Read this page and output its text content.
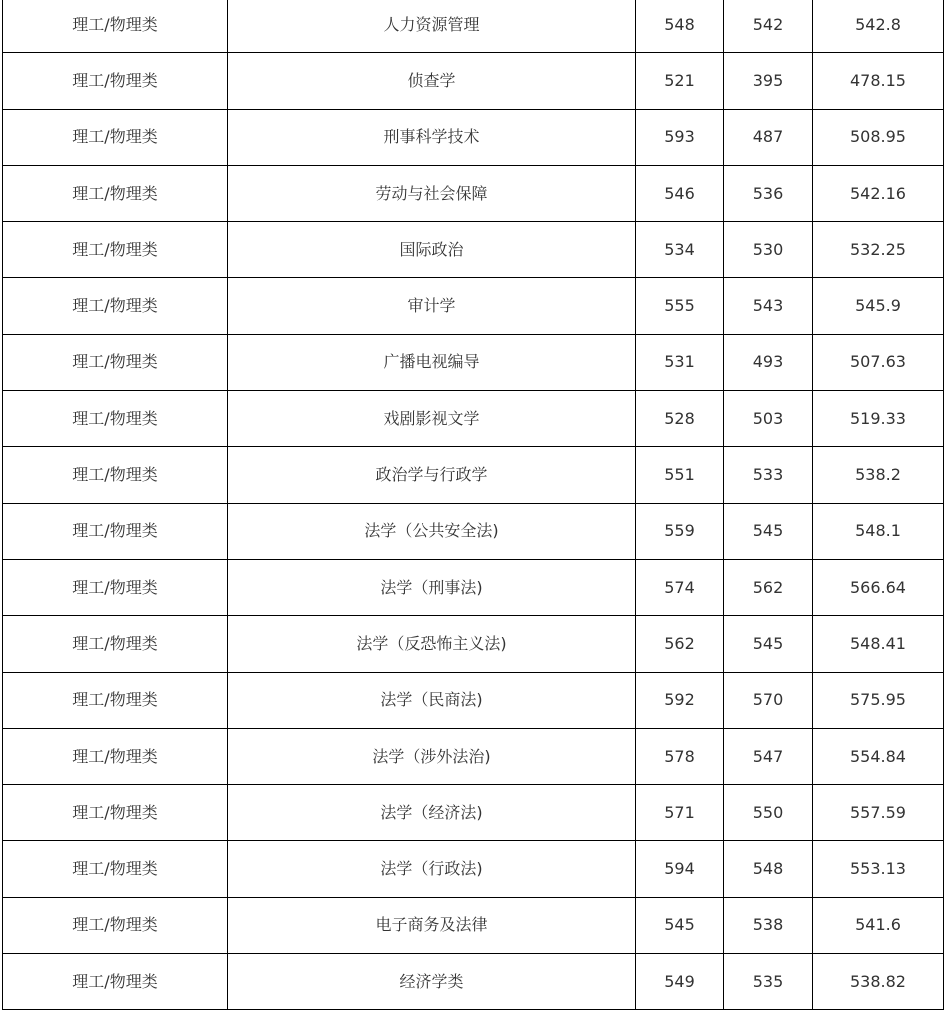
理工/物理类	人力资源管理	548	542	542.8
理工/物理类	侦查学	521	395	478.15
理工/物理类	刑事科学技术	593	487	508.95
理工/物理类	劳动与社会保障	546	536	542.16
理工/物理类	国际政治	534	530	532.25
理工/物理类	审计学	555	543	545.9
理工/物理类	广播电视编导	531	493	507.63
理工/物理类	戏剧影视文学	528	503	519.33
理工/物理类	政治学与行政学	551	533	538.2
理工/物理类	法学（公共安全法)	559	545	548.1
理工/物理类	法学（刑事法)	574	562	566.64
理工/物理类	法学（反恐怖主义法)	562	545	548.41
理工/物理类	法学（民商法)	592	570	575.95
理工/物理类	法学（涉外法治)	578	547	554.84
理工/物理类	法学（经济法)	571	550	557.59
理工/物理类	法学（行政法)	594	548	553.13
理工/物理类	电子商务及法律	545	538	541.6
理工/物理类	经济学类	549	535	538.82
